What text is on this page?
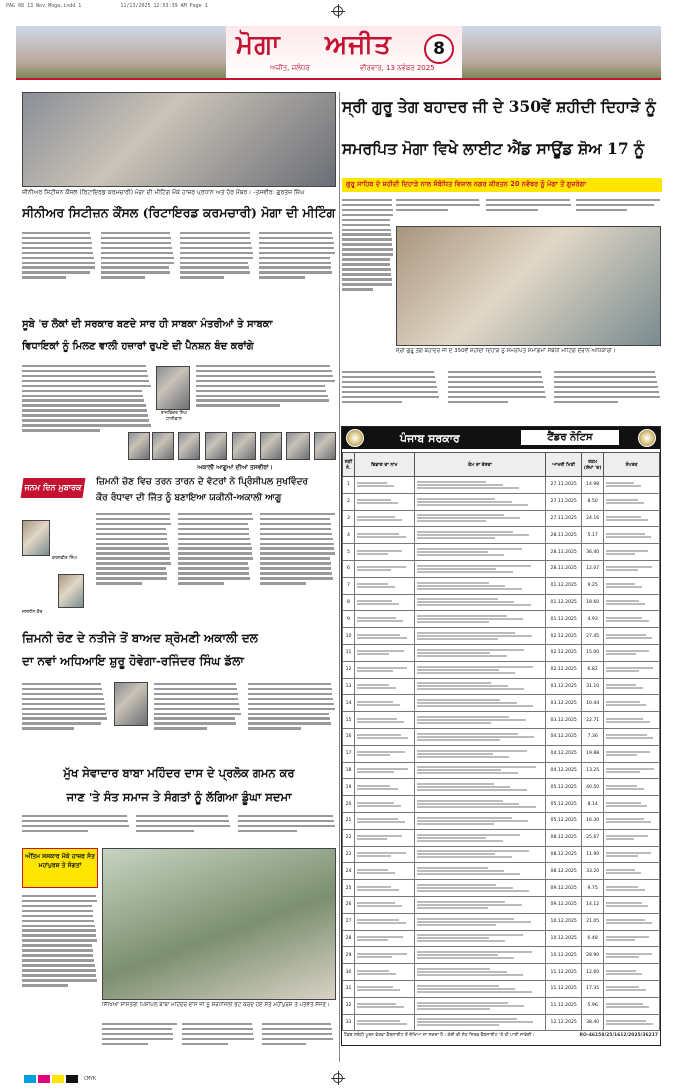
PAG 08 13 Nov Moga.indd 1	11/13/2025 12:53:39 AM Page 1
ਮੋਗਾ ਅਜੀਤ
ਅਜੀਤ, ਜਲੰਧਰ	ਵੀਰਵਾਰ, 13 ਨਵੰਬਰ 2025
8
ਸੀਨੀਅਰ ਸਿਟੀਜ਼ਨ ਕੌਂਸਲ (ਰਿਟਾਇਰਡ ਕਰਮਚਾਰੀ) ਮੋਗਾ ਦੀ ਮੀਟਿੰਗ ਮੌਕੇ ਹਾਜ਼ਰ ਪ੍ਰਧਾਨ ਅਤੇ ਹੋਰ ਮੈਂਬਰ। -ਤਸਵੀਰ: ਗੁਰਤੇਜ ਸਿੰਘ
ਸ੍ਰੀ ਗੁਰੂ ਤੇਗ ਬਹਾਦਰ ਜੀ ਦੇ 350ਵੇਂ ਸ਼ਹੀਦੀ ਦਿਹਾੜੇ ਨੂੰ
ਸਮਰਪਿਤ ਮੋਗਾ ਵਿਖੇ ਲਾਈਟ ਐਂਡ ਸਾਊਂਡ ਸ਼ੋਅ 17 ਨੂੰ
ਗੁਰੂ ਸਾਹਿਬ ਦੇ ਸ਼ਹੀਦੀ ਦਿਹਾੜੇ ਨਾਲ ਸੰਬੰਧਿਤ ਵਿਸ਼ਾਲ ਨਗਰ ਕੀਰਤਨ 20 ਨਵੰਬਰ ਨੂੰ ਮੋਗਾ ਤੋਂ ਗੁਜ਼ਰੇਗਾ
ਸੀਨੀਅਰ ਸਿਟੀਜ਼ਨ ਕੌਂਸਲ (ਰਿਟਾਇਰਡ ਕਰਮਚਾਰੀ) ਮੋਗਾ ਦੀ ਮੀਟਿੰਗ
ਸ੍ਰੀ ਗੁਰੂ ਤੇਗ ਬਹਾਦਰ ਜੀ ਦੇ 350ਵੇਂ ਸ਼ਹੀਦੀ ਦਿਹਾੜੇ ਨੂੰ ਸਮਰਪਿਤ ਸਮਾਗਮਾਂ ਸੰਬੰਧੀ ਮੀਟਿੰਗ ਦੌਰਾਨ ਅਧਿਕਾਰੀ।
ਸੂਬੇ 'ਚ ਲੋਕਾਂ ਦੀ ਸਰਕਾਰ ਬਣਦੇ ਸਾਰ ਹੀ ਸਾਬਕਾ ਮੰਤਰੀਆਂ ਤੇ ਸਾਬਕਾ
ਵਿਧਾਇਕਾਂ ਨੂੰ ਮਿਲਣ ਵਾਲੀ ਹਜ਼ਾਰਾਂ ਰੁਪਏ ਦੀ ਪੈਨਸ਼ਨ ਬੰਦ ਕਰਾਂਗੇ
ਰਾਜਵਿੰਦਰ ਸਿੰਘ ਧਾਲੀਵਾਲ
ਅਕਾਲੀ ਆਗੂਆਂ ਦੀਆਂ ਤਸਵੀਰਾਂ।
ਜਨਮ ਦਿਨ ਮੁਬਾਰਕ
ਕਰਨਵੀਰ ਸਿੰਘ
ਜਸਲੀਨ ਕੌਰ
ਜ਼ਿਮਨੀ ਚੋਣ ਵਿਚ ਤਰਨ ਤਾਰਨ ਦੇ ਵੋਟਰਾਂ ਨੇ ਪ੍ਰਿੰਸੀਪਲ ਸੁਖਵਿੰਦਰ
ਕੌਰ ਰੰਧਾਵਾ ਦੀ ਜਿੱਤ ਨੂੰ ਬਣਾਇਆ ਯਕੀਨੀ-ਅਕਾਲੀ ਆਗੂ
ਜ਼ਿਮਨੀ ਚੋਣ ਦੇ ਨਤੀਜੇ ਤੋਂ ਬਾਅਦ ਸ਼੍ਰੋਮਣੀ ਅਕਾਲੀ ਦਲ
ਦਾ ਨਵਾਂ ਅਧਿਆਇ ਸ਼ੁਰੂ ਹੋਵੇਗਾ-ਰਜਿੰਦਰ ਸਿੰਘ ਡੱਲਾ
ਮੁੱਖ ਸੇਵਾਦਾਰ ਬਾਬਾ ਮਹਿੰਦਰ ਦਾਸ ਦੇ ਪ੍ਰਲੋਕ ਗਮਨ ਕਰ
ਜਾਣ 'ਤੇ ਸੰਤ ਸਮਾਜ ਤੇ ਸੰਗਤਾਂ ਨੂੰ ਲੱਗਿਆ ਡੂੰਘਾ ਸਦਮਾ
ਅੰਤਿਮ ਸਸਕਾਰ ਮੌਕੇ ਹਾਜ਼ਰ ਸੰਤ ਮਹਾਂਪੁਰਸ਼ ਤੇ ਸੰਗਤਾਂ
ਸਿੱਖਿਆ ਸ਼ਾਸਤਰੀ ਪਿੰਸੀਪਲ ਬਾਬਾ ਮਹਿੰਦਰ ਦਾਸ ਜੀ ਨੂੰ ਸ਼ਰਧਾਂਜਲੀ ਭੇਟ ਕਰਦੇ ਹੋਏ ਸੰਤ ਮਹਾਂਪੁਰਸ਼ ਤੇ ਪਤਵੰਤੇ ਸੱਜਣ।
ਪੰਜਾਬ ਸਰਕਾਰ	ਟੈਂਡਰ ਨੋਟਿਸ
ਲੜੀ ਨੰ.	ਵਿਭਾਗ ਦਾ ਨਾਮ	ਕੰਮ ਦਾ ਵੇਰਵਾ	ਆਖਰੀ ਮਿਤੀ	ਰਕਮ (ਲੱਖਾਂ 'ਚ)	ਸੰਪਰਕ
1			27.11.2025	14.98	

2			27.11.2025	8.50	

3			27.11.2025	24.16	

4			28.11.2025	5.17	

5			28.11.2025	36.40	

6			28.11.2025	12.07	

7			01.12.2025	9.25	

8			01.12.2025	18.60	

9			01.12.2025	4.93	

10			02.12.2025	27.45	

11			02.12.2025	15.00	

12			02.12.2025	6.82	

13			03.12.2025	31.10	

14			03.12.2025	10.44	

15			03.12.2025	22.71	

16			04.12.2025	7.36	

17			04.12.2025	19.88	

18			04.12.2025	13.25	

19			05.12.2025	40.50	

20			05.12.2025	8.14	

21			05.12.2025	16.30	

22			08.12.2025	25.67	

23			08.12.2025	11.90	

24			08.12.2025	33.20	

25			09.12.2025	9.75	

26			09.12.2025	14.12	

27			10.12.2025	21.05	

28			10.12.2025	6.48	

29			10.12.2025	28.90	

30			11.12.2025	12.60	

31			11.12.2025	17.35	

32			11.12.2025	5.96	

33			12.12.2025	38.40	
ਟੈਂਡਰ ਸਬੰਧੀ ਪੂਰਨ ਵੇਰਵਾ ਵੈੱਬਸਾਈਟ ਤੋਂ ਦੇਖਿਆ ਜਾ ਸਕਦਾ ਹੈ। ਕੋਈ ਵੀ ਸੋਧ ਸਿਰਫ਼ ਵੈੱਬਸਾਈਟ 'ਤੇ ਹੀ ਪਾਈ ਜਾਵੇਗੀ।	RO-46158/25/1612/2025/36217
CMYK
